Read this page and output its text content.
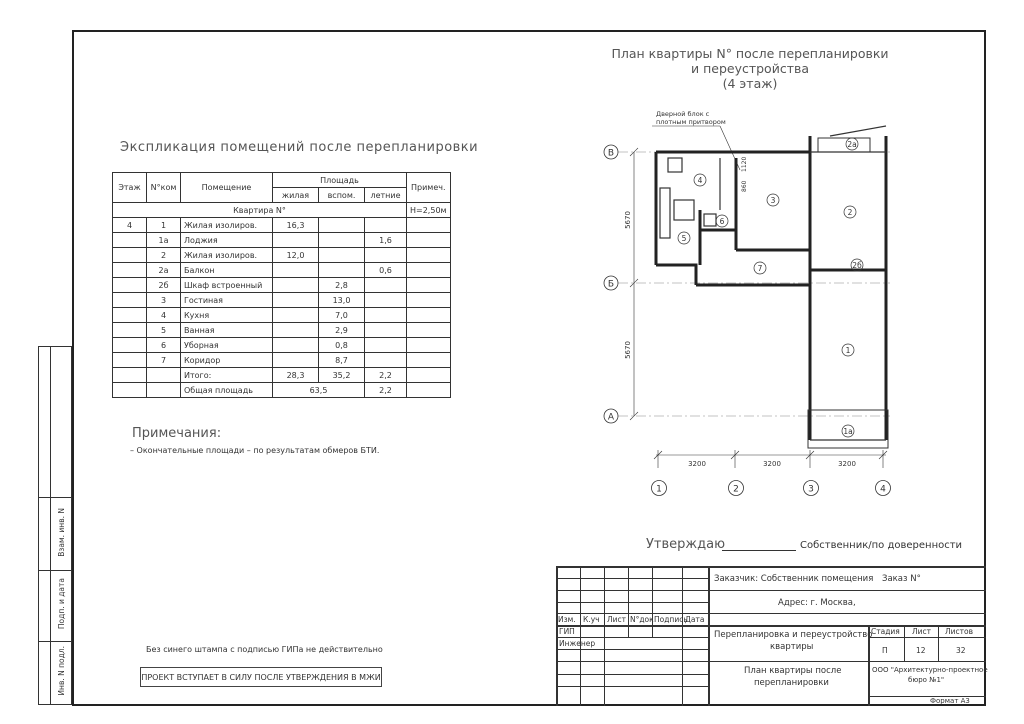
	Взам. инв. N
	Подп. и дата
	Инв. N подл.
Экспликация помещений после перепланировки
Этаж	N°ком	Помещение	Площадь			Примеч.
			жилая	вспом.	летние	
Квартира N°						Н=2,50м
4	1	Жилая изолиров.	16,3			
	1а	Лоджия			1,6	
	2	Жилая изолиров.	12,0			
	2а	Балкон			0,6	
	2б	Шкаф встроенный		2,8		
	3	Гостиная		13,0		
	4	Кухня		7,0		
	5	Ванная		2,9		
	6	Уборная		0,8		
	7	Коридор		8,7		
		Итого:	28,3	35,2	2,2	
		Общая площадь	63,5		2,2	
Примечания:
– Окончательные площади – по результатам обмеров БТИ.
Без синего штампа с подписью ГИПа не действительно
ПРОЕКТ ВСТУПАЕТ В СИЛУ ПОСЛЕ УТВЕРЖДЕНИЯ В МЖИ
План квартиры N° после перепланировки
и переустройства
(4 этаж)
В
Б
А
5670
5670
Дверной блок с
плотным притвором
1
1а
2
2а
2б
3
4
5
6
7
860
1120
3200	3200	3200
1	2	3	4
Утверждаю	Собственник/по доверенности
Изм. К.уч Лист N°док Подпись
Дата
ГИП
Инженер
Заказчик: Собственник помещения Заказ N°
Адрес: г. Москва,
Перепланировка и переустройство
квартиры
План квартиры после
перепланировки
Стадия Лист Листов
П	12	32
ООО "Архитектурно-проектное
бюро №1"
Формат А3
